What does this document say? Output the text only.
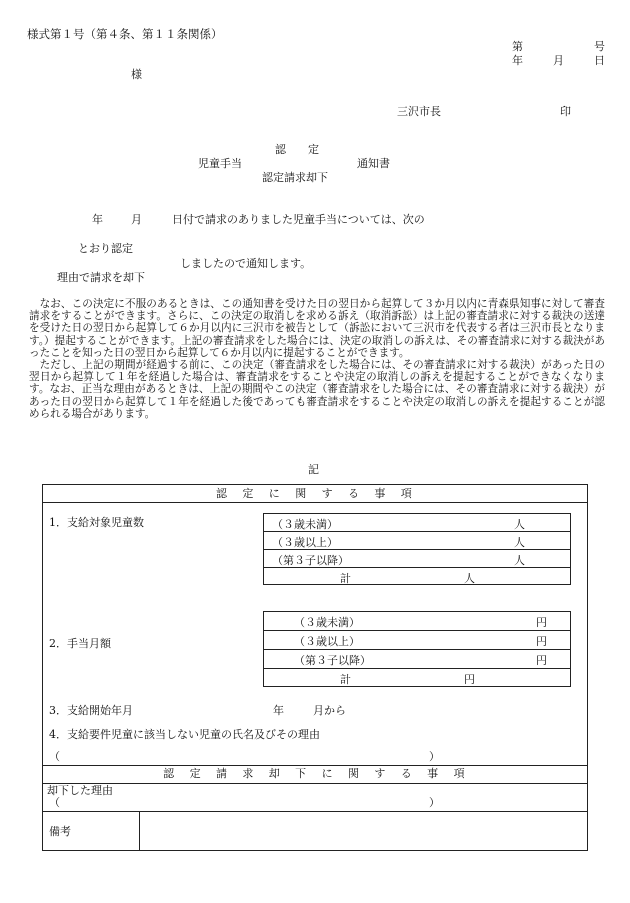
様式第１号（第４条、第１１条関係）
第	号
年	月	日
様
三沢市長	印
認　　定
児童手当	通知書
認定請求却下
年	月	日付で請求のありました児童手当については、次の
とおり認定
しましたので通知します。
理由で請求を却下

なお、この決定に不服のあるときは、この通知書を受けた日の翌日から起算して３か月以内に青森県知事に対して審査請求をすることができます。さらに、この決定の取消しを求める訴え（取消訴訟）は上記の審査請求に対する裁決の送達を受けた日の翌日から起算して６か月以内に三沢市を被告として（訴訟において三沢市を代表する者は三沢市長となります。）提起することができます。上記の審査請求をした場合には、決定の取消しの訴えは、その審査請求に対する裁決があったことを知った日の翌日から起算して６か月以内に提起することができます。

ただし、上記の期間が経過する前に、この決定（審査請求をした場合には、その審査請求に対する裁決）があった日の翌日から起算して１年を経過した場合は、審査請求をすることや決定の取消しの訴えを提起することができなくなります。なお、正当な理由があるときは、上記の期間やこの決定（審査請求をした場合には、その審査請求に対する裁決）があった日の翌日から起算して１年を経過した後であっても審査請求をすることや決定の取消しの訴えを提起することが認められる場合があります。

記
認　定　に　関　す　る　事　項
1．支給対象児童数	（３歳未満）	人
（３歳以上）	人
（第３子以降）	人
計	人
2．手当月額
（３歳未満）	円
（３歳以上）	円
（第３子以降）	円
計	円
3．支給開始年月	年	月から
4．支給要件児童に該当しない児童の氏名及びその理由
（	）
認　定　請　求　却　下　に　関　す　る　事　項
却下した理由
（	）
備考
